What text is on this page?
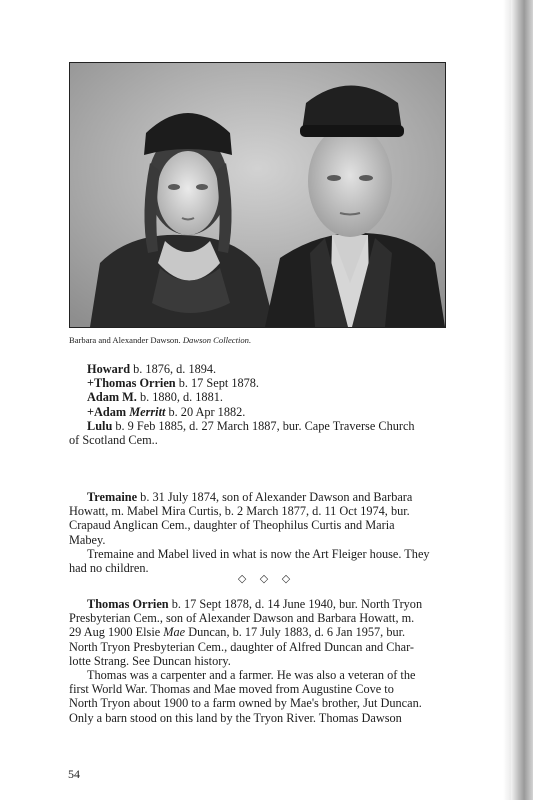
Barbara and Alexander Dawson. Dawson Collection.

Howard b. 1876, d. 1894.

+Thomas Orrien b. 17 Sept 1878.

Adam M. b. 1880, d. 1881.

+Adam Merritt b. 20 Apr 1882.

Lulu b. 9 Feb 1885, d. 27 March 1887, bur. Cape Traverse Church

of Scotland Cem..

Tremaine b. 31 July 1874, son of Alexander Dawson and Barbara

Howatt, m. Mabel Mira Curtis, b. 2 March 1877, d. 11 Oct 1974, bur.

Crapaud Anglican Cem., daughter of Theophilus Curtis and Maria

Mabey.

Tremaine and Mabel lived in what is now the Art Fleiger house. They

had no children.

◇ ◇ ◇

Thomas Orrien b. 17 Sept 1878, d. 14 June 1940, bur. North Tryon

Presbyterian Cem., son of Alexander Dawson and Barbara Howatt, m.

29 Aug 1900 Elsie Mae Duncan, b. 17 July 1883, d. 6 Jan 1957, bur.

North Tryon Presbyterian Cem., daughter of Alfred Duncan and Char-

lotte Strang. See Duncan history.

Thomas was a carpenter and a farmer. He was also a veteran of the

first World War. Thomas and Mae moved from Augustine Cove to

North Tryon about 1900 to a farm owned by Mae's brother, Jut Duncan.

Only a barn stood on this land by the Tryon River. Thomas Dawson

54
